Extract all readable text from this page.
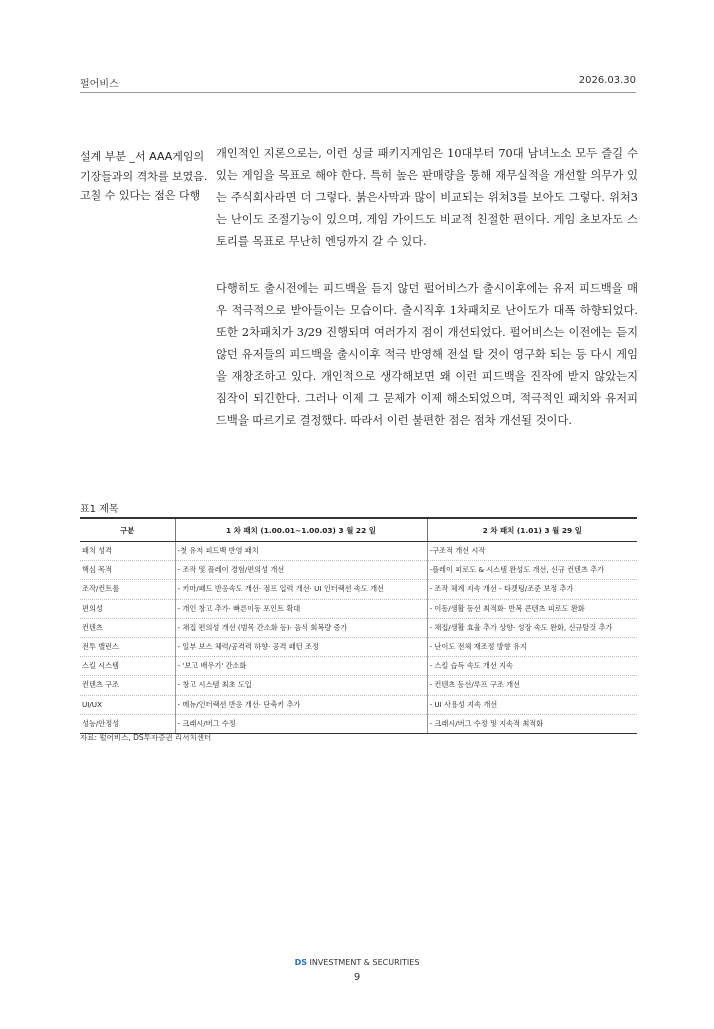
펄어비스	2026.03.30
설계 부분 _서 AAA게임의
기장들과의 격차를 보였음.
고칠 수 있다는 점은 다행

개인적인 지론으로는, 이런 싱글 패키지게임은 10대부터 70대 남녀노소 모두 즐길 수 있는 게임을 목표로 해야 한다. 특히 높은 판매량을 통해 재무실적을 개선할 의무가 있는 주식회사라면 더 그렇다. 붉은사막과 많이 비교되는 위쳐3를 보아도 그렇다. 위쳐3는 난이도 조절기능이 있으며, 게임 가이드도 비교적 친절한 편이다. 게임 초보자도 스토리를 목표로 무난히 엔딩까지 갈 수 있다.

다행히도 출시전에는 피드백을 듣지 않던 펄어비스가 출시이후에는 유저 피드백을 매우 적극적으로 받아들이는 모습이다. 출시직후 1차패치로 난이도가 대폭 하향되었다. 또한 2차패치가 3/29 진행되며 여러가지 점이 개선되었다. 펄어비스는 이전에는 듣지 않던 유저들의 피드백을 출시이후 적극 반영해 전설 탈 것이 영구화 되는 등 다시 게임을 재창조하고 있다. 개인적으로 생각해보면 왜 이런 피드백을 진작에 받지 않았는지 짐작이 되긴한다. 그러나 이제 그 문제가 이제 해소되었으며, 적극적인 패치와 유저피드백을 따르기로 결정했다. 따라서 이런 불편한 점은 점차 개선될 것이다.

표1 제목
구분	1 차 패치 (1.00.01~1.00.03) 3 월 22 일	2 차 패치 (1.01) 3 월 29 일
패치 성격	-첫 유저 피드백 반영 패치	-구조적 개선 시작
핵심 목적	- 조작 및 플레이 경험/편의성 개선	-플레이 피로도 & 시스템 완성도 개선, 신규 컨텐츠 추가
조작/컨트롤	- 키마/패드 반응속도 개선· 점프 입력 개선· UI 인터랙션 속도 개선	- 조작 체계 지속 개선 - 타겟팅/조준 보정 추가
편의성	- 개인 창고 추가· 빠른이동 포인트 확대	- 이동/생활 동선 최적화· 반복 콘텐츠 피로도 완화
컨텐츠	- 채집 편의성 개선 (범목 간소화 등)· 음식 회복량 증가	- 채집/생활 효율 추가 상향· 성장 속도 완화, 신규탈것 추가
전투 밸런스	- 일부 보스 체력/공격력 하향· 공격 패턴 조정	- 난이도 전체 재조정 방향 유지
스킬 시스템	- '보고 배우기' 간소화	- 스킬 습득 속도 개선 지속
컨텐츠 구조	- 창고 시스템 최초 도입	- 컨텐츠 동선/루프 구조 개선
UI/UX	- 메뉴/인터랙션 반응 개선· 단축키 추가	- UI 사용성 지속 개선
성능/안정성	- 크래시/버그 수정	- 크래시/버그 수정 및 지속적 최적화
자료: 펄어비스, DS투자증권 리서치센터
DS INVESTMENT & SECURITIES
9
